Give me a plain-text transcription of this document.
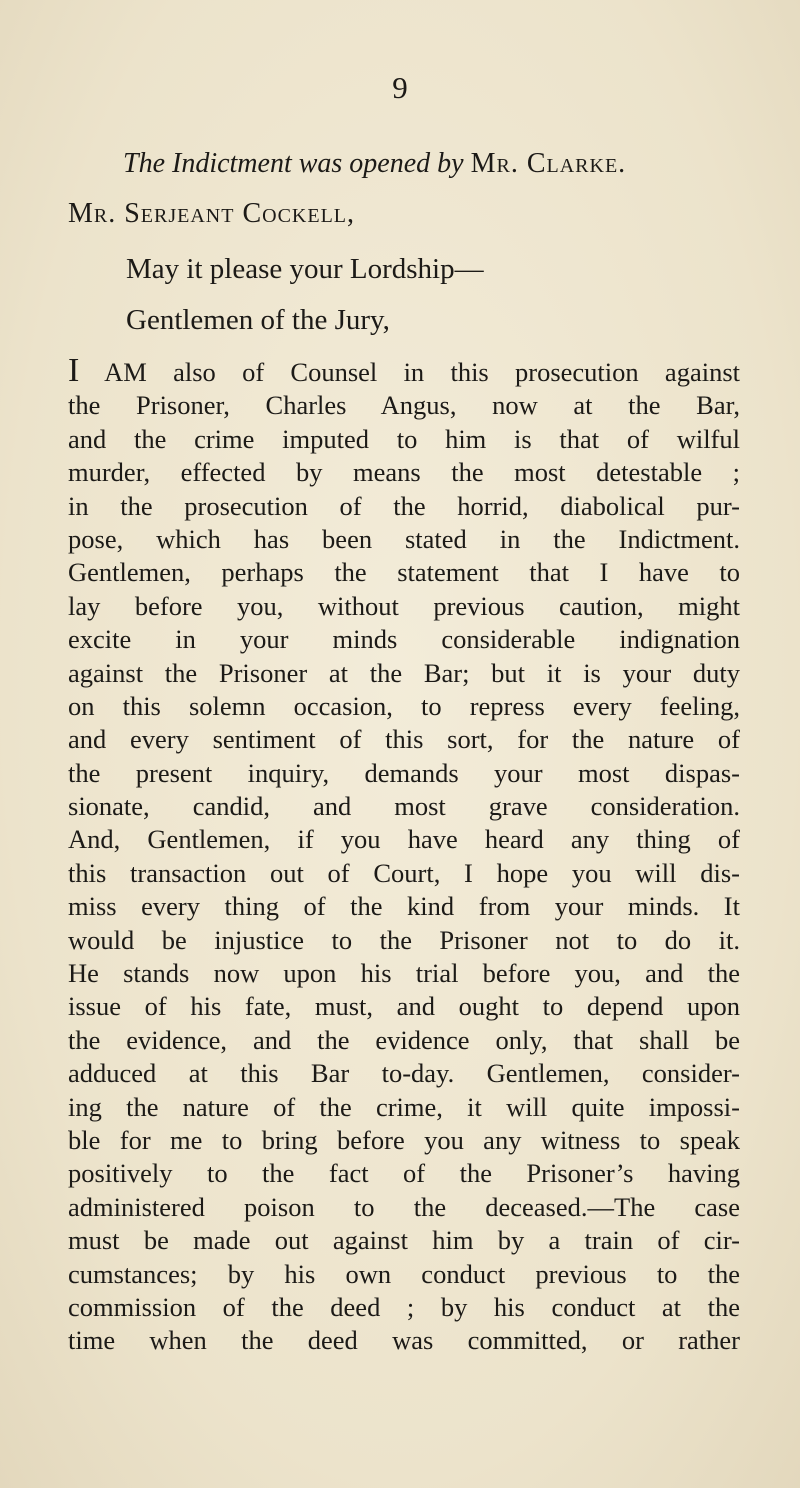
9
The Indictment was opened by Mr. Clarke.
Mr. Serjeant Cockell,
May it please your Lordship—
Gentlemen of the Jury,
I AM also of Counsel in this prosecution against
the Prisoner, Charles Angus, now at the Bar,
and the crime imputed to him is that of wilful
murder, effected by means the most detestable ;
in the prosecution of the horrid, diabolical pur-
pose, which has been stated in the Indictment.
Gentlemen, perhaps the statement that I have to
lay before you, without previous caution, might
excite in your minds considerable indignation
against the Prisoner at the Bar; but it is your duty
on this solemn occasion, to repress every feeling,
and every sentiment of this sort, for the nature of
the present inquiry, demands your most dispas-
sionate, candid, and most grave consideration.
And, Gentlemen, if you have heard any thing of
this transaction out of Court, I hope you will dis-
miss every thing of the kind from your minds. It
would be injustice to the Prisoner not to do it.
He stands now upon his trial before you, and the
issue of his fate, must, and ought to depend upon
the evidence, and the evidence only, that shall be
adduced at this Bar to-day. Gentlemen, consider-
ing the nature of the crime, it will quite impossi-
ble for me to bring before you any witness to speak
positively to the fact of the Prisoner’s having
administered poison to the deceased.—The case
must be made out against him by a train of cir-
cumstances; by his own conduct previous to the
commission of the deed ; by his conduct at the
time when the deed was committed, or rather
